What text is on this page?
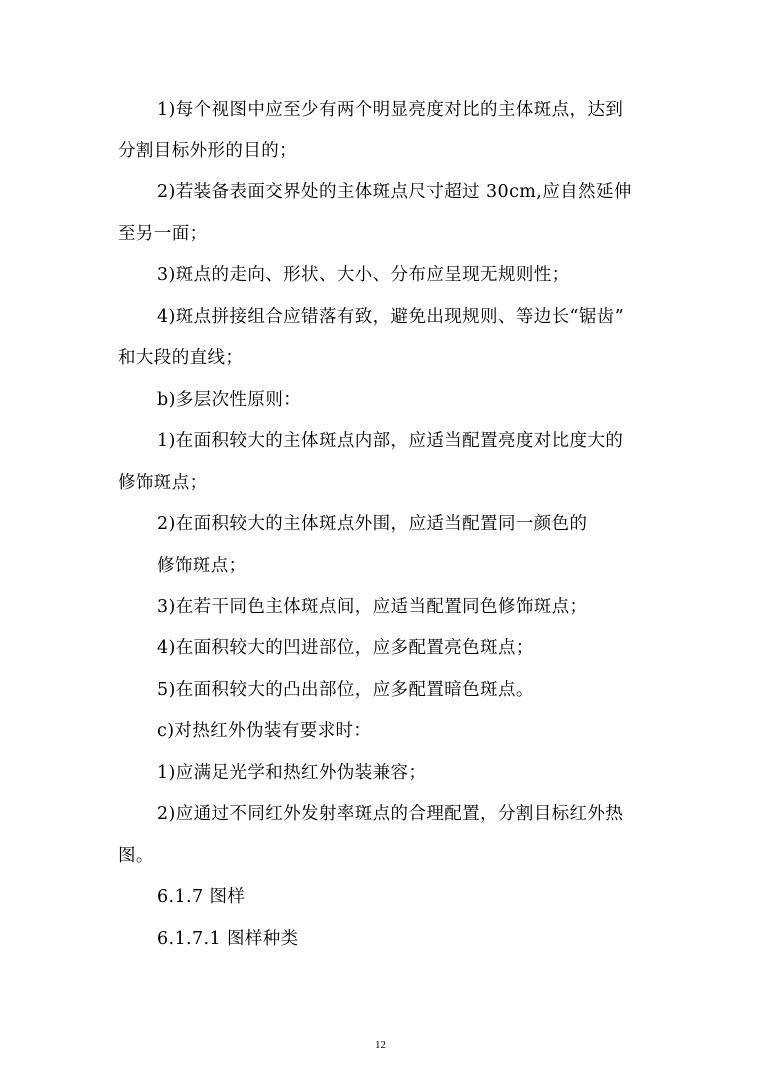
1)每个视图中应至少有两个明显亮度对比的主体斑点，达到
分割目标外形的目的；
2)若装备表面交界处的主体斑点尺寸超过 30cm,应自然延伸
至另一面；
3)斑点的走向、形状、大小、分布应呈现无规则性；
4)斑点拼接组合应错落有致，避免出现规则、等边长“锯齿”
和大段的直线；
b)多层次性原则：
1)在面积较大的主体斑点内部，应适当配置亮度对比度大的
修饰斑点；
2)在面积较大的主体斑点外围，应适当配置同一颜色的
修饰斑点；
3)在若干同色主体斑点间，应适当配置同色修饰斑点；
4)在面积较大的凹进部位，应多配置亮色斑点；
5)在面积较大的凸出部位，应多配置暗色斑点。
c)对热红外伪装有要求时：
1)应满足光学和热红外伪装兼容；
2)应通过不同红外发射率斑点的合理配置，分割目标红外热
图。
6.1.7 图样
6.1.7.1 图样种类
12
